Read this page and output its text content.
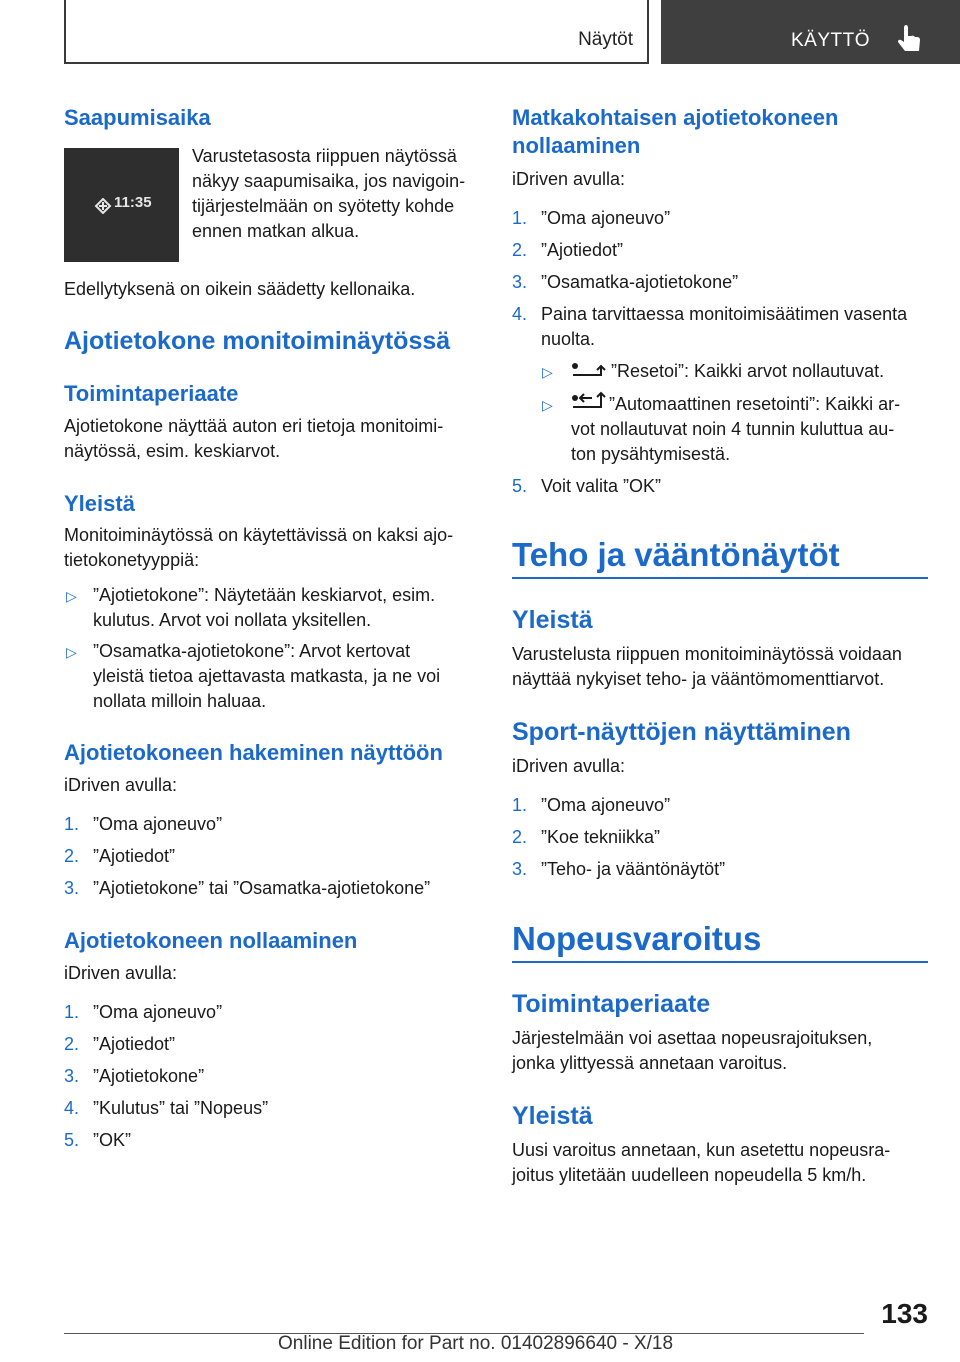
Näytöt	KÄYTTÖ
Saapumisaika
11:35
Varustetasosta riippuen näytössä
näkyy saapumisaika, jos navigoin‐
tijärjestelmään on syötetty kohde
ennen matkan alkua.
Edellytyksenä on oikein säädetty kellonaika.
Ajotietokone monitoiminäytössä
Toimintaperiaate
Ajotietokone näyttää auton eri tietoja monitoimi‐
näytössä, esim. keskiarvot.
Yleistä
Monitoiminäytössä on käytettävissä on kaksi ajo‐
tietokonetyyppiä:
▷ ”Ajotietokone”: Näytetään keskiarvot, esim.
kulutus. Arvot voi nollata yksitellen.
▷ ”Osamatka-ajotietokone”: Arvot kertovat
yleistä tietoa ajettavasta matkasta, ja ne voi
nollata milloin haluaa.
Ajotietokoneen hakeminen näyttöön
iDriven avulla:
1. ”Oma ajoneuvo”
2. ”Ajotiedot”
3. ”Ajotietokone” tai ”Osamatka-ajotietokone”
Ajotietokoneen nollaaminen
iDriven avulla:
1. ”Oma ajoneuvo”
2. ”Ajotiedot”
3. ”Ajotietokone”
4. ”Kulutus” tai ”Nopeus”
5. ”OK”
Matkakohtaisen ajotietokoneen
nollaaminen
iDriven avulla:
1. ”Oma ajoneuvo”
2. ”Ajotiedot”
3. ”Osamatka-ajotietokone”
4. Paina tarvittaessa monitoimisäätimen vasenta
nuolta.
▷	”Resetoi”: Kaikki arvot nollautuvat.
▷	”Automaattinen resetointi”: Kaikki ar‐
vot nollautuvat noin 4 tunnin kuluttua au‐
ton pysähtymisestä.
5. Voit valita ”OK”
Teho ja vääntönäytöt
Yleistä
Varustelusta riippuen monitoiminäytössä voidaan
näyttää nykyiset teho- ja vääntömomenttiarvot.
Sport-näyttöjen näyttäminen
iDriven avulla:
1. ”Oma ajoneuvo”
2. ”Koe tekniikka”
3. ”Teho- ja vääntönäytöt”
Nopeusvaroitus
Toimintaperiaate
Järjestelmään voi asettaa nopeusrajoituksen,
jonka ylittyessä annetaan varoitus.
Yleistä
Uusi varoitus annetaan, kun asetettu nopeusra‐
joitus ylitetään uudelleen nopeudella 5 km/h.
133
Online Edition for Part no. 01402896640 - X/18
